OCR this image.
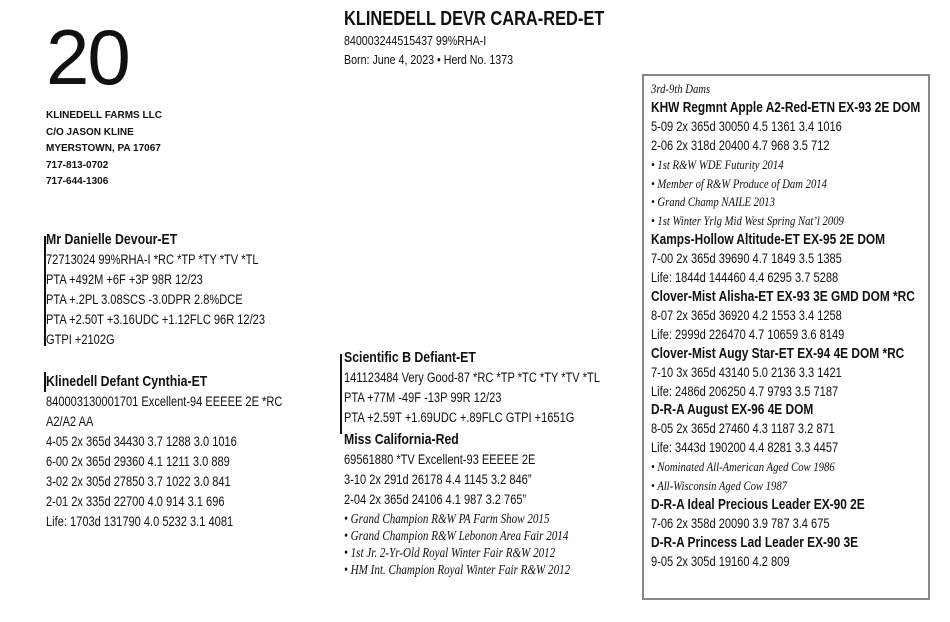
20
KLINEDELL FARMS LLC
C/O JASON KLINE
MYERSTOWN, PA 17067
717-813-0702
717-644-1306
KLINEDELL DEVR CARA-RED-ET
840003244515437 99%RHA-I
Born: June 4, 2023 • Herd No. 1373
Mr Danielle Devour-ET
72713024 99%RHA-I *RC *TP *TY *TV *TL
PTA +492M +6F +3P 98R 12/23
PTA +.2PL 3.08SCS -3.0DPR 2.8%DCE
PTA +2.50T +3.16UDC +1.12FLC 96R 12/23
GTPI +2102G
Klinedell Defant Cynthia-ET
840003130001701 Excellent-94 EEEEE 2E *RC
A2/A2 AA
4-05 2x 365d 34430 3.7 1288 3.0 1016
6-00 2x 365d 29360 4.1 1211 3.0 889
3-02 2x 305d 27850 3.7 1022 3.0 841
2-01 2x 335d 22700 4.0 914 3.1 696
Life: 1703d 131790 4.0 5232 3.1 4081
Scientific B Defiant-ET
141123484 Very Good-87 *RC *TP *TC *TY *TV *TL
PTA +77M -49F -13P 99R 12/23
PTA +2.59T +1.69UDC +.89FLC GTPI +1651G
Miss California-Red
69561880 *TV Excellent-93 EEEEE 2E
3-10 2x 291d 26178 4.4 1145 3.2 846”
2-04 2x 365d 24106 4.1 987 3.2 765”
• Grand Champion R&W PA Farm Show 2015
• Grand Champion R&W Lebonon Area Fair 2014
• 1st Jr. 2-Yr-Old Royal Winter Fair R&W 2012
• HM Int. Champion Royal Winter Fair R&W 2012
3rd-9th Dams
KHW Regmnt Apple A2-Red-ETN EX-93 2E DOM
5-09 2x 365d 30050 4.5 1361 3.4 1016
2-06 2x 318d 20400 4.7 968 3.5 712
• 1st R&W WDE Futurity 2014
• Member of R&W Produce of Dam 2014
• Grand Champ NAILE 2013
• 1st Winter Yrlg Mid West Spring Nat’l 2009
Kamps-Hollow Altitude-ET EX-95 2E DOM
7-00 2x 365d 39690 4.7 1849 3.5 1385
Life: 1844d 144460 4.4 6295 3.7 5288
Clover-Mist Alisha-ET EX-93 3E GMD DOM *RC
8-07 2x 365d 36920 4.2 1553 3.4 1258
Life: 2999d 226470 4.7 10659 3.6 8149
Clover-Mist Augy Star-ET EX-94 4E DOM *RC
7-10 3x 365d 43140 5.0 2136 3.3 1421
Life: 2486d 206250 4.7 9793 3.5 7187
D-R-A August EX-96 4E DOM
8-05 2x 365d 27460 4.3 1187 3.2 871
Life: 3443d 190200 4.4 8281 3.3 4457
• Nominated All-American Aged Cow 1986
• All-Wisconsin Aged Cow 1987
D-R-A Ideal Precious Leader EX-90 2E
7-06 2x 358d 20090 3.9 787 3.4 675
D-R-A Princess Lad Leader EX-90 3E
9-05 2x 305d 19160 4.2 809
